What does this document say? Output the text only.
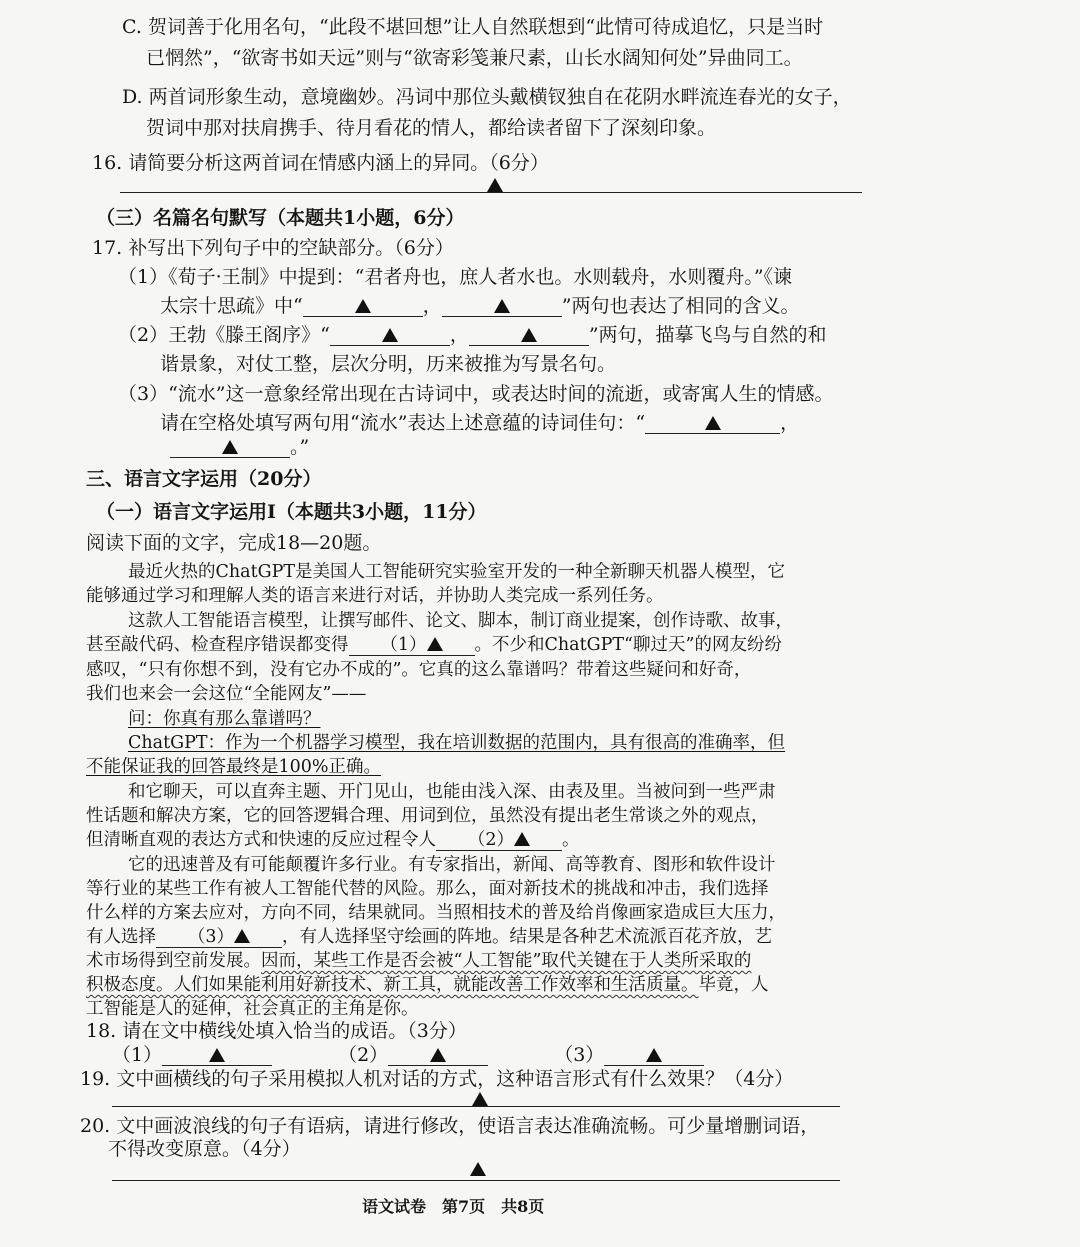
C. 贺词善于化用名句，“此段不堪回想”让人自然联想到“此情可待成追忆，只是当时
已惘然”，“欲寄书如天远”则与“欲寄彩笺兼尺素，山长水阔知何处”异曲同工。
D. 两首词形象生动，意境幽妙。冯词中那位头戴横钗独自在花阴水畔流连春光的女子，
贺词中那对扶肩携手、待月看花的情人，都给读者留下了深刻印象。
16. 请简要分析这两首词在情感内涵上的异同。（6分）
（三）名篇名句默写（本题共1小题，6分）
17. 补写出下列句子中的空缺部分。（6分）
（1）《荀子·王制》中提到：“君者舟也，庶人者水也。水则载舟，水则覆舟。”《谏
太宗十思疏》中“	，	”两句也表达了相同的含义。
（2）王勃《滕王阁序》“	，	”两句，描摹飞鸟与自然的和
谐景象，对仗工整，层次分明，历来被推为写景名句。
（3）“流水”这一意象经常出现在古诗词中，或表达时间的流逝，或寄寓人生的情感。
请在空格处填写两句用“流水”表达上述意蕴的诗词佳句：“	，
。”
三、语言文字运用（20分）
（一）语言文字运用Ⅰ（本题共3小题，11分）
阅读下面的文字，完成18—20题。
最近火热的ChatGPT是美国人工智能研究实验室开发的一种全新聊天机器人模型，它
能够通过学习和理解人类的语言来进行对话，并协助人类完成一系列任务。
这款人工智能语言模型，让撰写邮件、论文、脚本，制订商业提案，创作诗歌、故事，
甚至敲代码、检查程序错误都变得 （1）	。不少和ChatGPT“聊过天”的网友纷纷
感叹，“只有你想不到，没有它办不成的”。它真的这么靠谱吗？带着这些疑问和好奇，
我们也来会一会这位“全能网友”——
问：你真有那么靠谱吗？
ChatGPT：作为一个机器学习模型，我在培训数据的范围内，具有很高的准确率，但
不能保证我的回答最终是100%正确。
和它聊天，可以直奔主题、开门见山，也能由浅入深、由表及里。当被问到一些严肃
性话题和解决方案，它的回答逻辑合理、用词到位，虽然没有提出老生常谈之外的观点，
但清晰直观的表达方式和快速的反应过程令人 （2）	。
它的迅速普及有可能颠覆许多行业。有专家指出，新闻、高等教育、图形和软件设计
等行业的某些工作有被人工智能代替的风险。那么，面对新技术的挑战和冲击，我们选择
什么样的方案去应对，方向不同，结果就同。当照相技术的普及给肖像画家造成巨大压力，
有人选择 （3）	，有人选择坚守绘画的阵地。结果是各种艺术流派百花齐放，艺
术市场得到空前发展。因而，某些工作是否会被“人工智能”取代关键在于人类所采取的
积极态度。人们如果能利用好新技术、新工具，就能改善工作效率和生活质量。毕竟，人
工智能是人的延伸，社会真正的主角是你。
18. 请在文中横线处填入恰当的成语。（3分）
（1）	（2）	（3）
19. 文中画横线的句子采用模拟人机对话的方式，这种语言形式有什么效果？（4分）
20. 文中画波浪线的句子有语病，请进行修改，使语言表达准确流畅。可少量增删词语，
不得改变原意。（4分）
语文试卷　第7页　共8页
